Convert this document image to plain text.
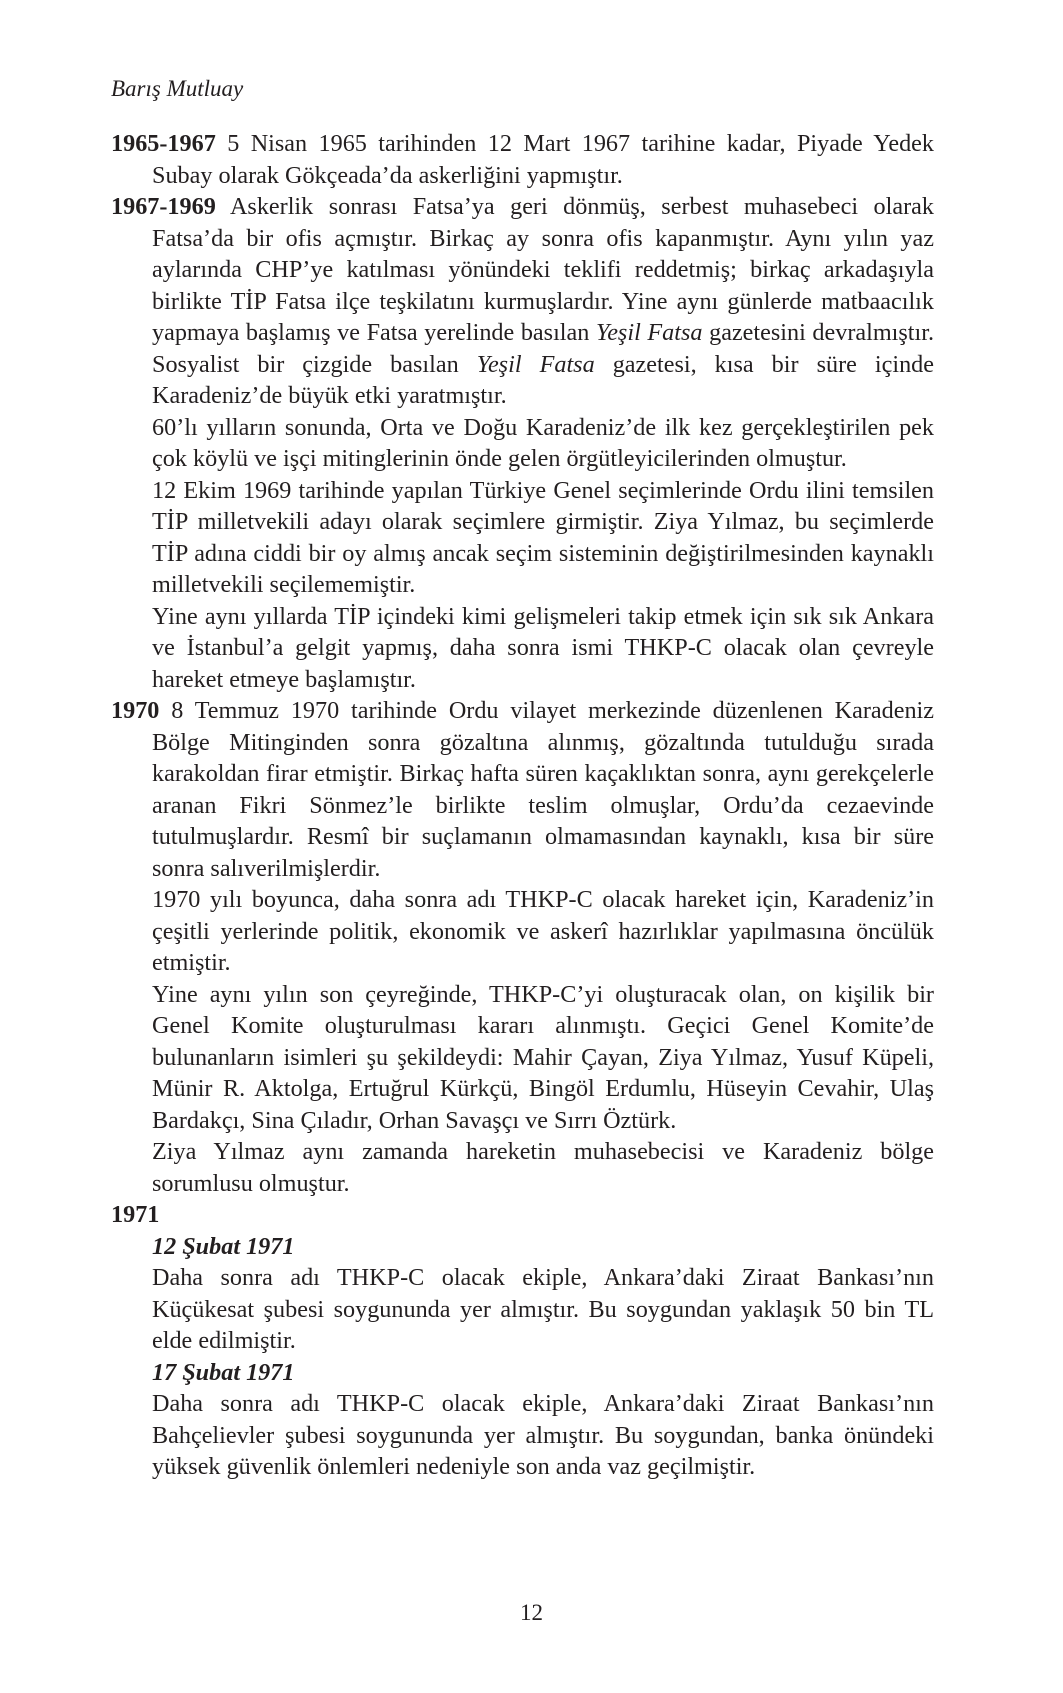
Barış Mutluay
1965-1967 5 Nisan 1965 tarihinden 12 Mart 1967 tarihine kadar, Piyade Yedek Subay olarak Gökçeada’da askerliğini yapmıştır.
1967-1969 Askerlik sonrası Fatsa’ya geri dönmüş, serbest muhasebeci olarak Fatsa’da bir ofis açmıştır. Birkaç ay sonra ofis kapanmıştır. Aynı yılın yaz aylarında CHP’ye katılması yönündeki teklifi reddetmiş; birkaç arkadaşıyla birlikte TİP Fatsa ilçe teşkilatını kurmuşlardır. Yine aynı günlerde matbaacılık yapmaya başlamış ve Fatsa yerelinde basılan Yeşil Fatsa gazetesini devralmıştır. Sosyalist bir çizgide basılan Yeşil Fatsa gazetesi, kısa bir süre içinde Karadeniz’de büyük etki yaratmıştır.

60’lı yılların sonunda, Orta ve Doğu Karadeniz’de ilk kez gerçekleştirilen pek çok köylü ve işçi mitinglerinin önde gelen örgütleyicilerinden olmuştur.

12 Ekim 1969 tarihinde yapılan Türkiye Genel seçimlerinde Ordu ilini temsilen TİP milletvekili adayı olarak seçimlere girmiştir. Ziya Yılmaz, bu seçimlerde TİP adına ciddi bir oy almış ancak seçim sisteminin değiştirilmesinden kaynaklı milletvekili seçilememiştir.

Yine aynı yıllarda TİP içindeki kimi gelişmeleri takip etmek için sık sık Ankara ve İstanbul’a gelgit yapmış, daha sonra ismi THKP-C olacak olan çevreyle hareket etmeye başlamıştır.

1970 8 Temmuz 1970 tarihinde Ordu vilayet merkezinde düzenlenen Karadeniz Bölge Mitinginden sonra gözaltına alınmış, gözaltında tutulduğu sırada karakoldan firar etmiştir. Birkaç hafta süren kaçaklıktan sonra, aynı gerekçelerle aranan Fikri Sönmez’le birlikte teslim olmuşlar, Ordu’da cezaevinde tutulmuşlardır. Resmî bir suçlamanın olmamasından kaynaklı, kısa bir süre sonra salıverilmişlerdir.

1970 yılı boyunca, daha sonra adı THKP-C olacak hareket için, Karadeniz’in çeşitli yerlerinde politik, ekonomik ve askerî hazırlıklar yapılmasına öncülük etmiştir.

Yine aynı yılın son çeyreğinde, THKP-C’yi oluşturacak olan, on kişilik bir Genel Komite oluşturulması kararı alınmıştı. Geçici Genel Komite’de bulunanların isimleri şu şekildeydi: Mahir Çayan, Ziya Yılmaz, Yusuf Küpeli, Münir R. Aktolga, Ertuğrul Kürkçü, Bingöl Erdumlu, Hüseyin Cevahir, Ulaş Bardakçı, Sina Çıladır, Orhan Savaşçı ve Sırrı Öztürk.

Ziya Yılmaz aynı zamanda hareketin muhasebecisi ve Karadeniz bölge sorumlusu olmuştur.

1971

12 Şubat 1971

Daha sonra adı THKP-C olacak ekiple, Ankara’daki Ziraat Bankası’nın Küçükesat şubesi soygununda yer almıştır. Bu soygundan yaklaşık 50 bin TL elde edilmiştir.

17 Şubat 1971

Daha sonra adı THKP-C olacak ekiple, Ankara’daki Ziraat Bankası’nın Bahçelievler şubesi soygununda yer almıştır. Bu soygundan, banka önündeki yüksek güvenlik önlemleri nedeniyle son anda vaz geçilmiştir.

12
